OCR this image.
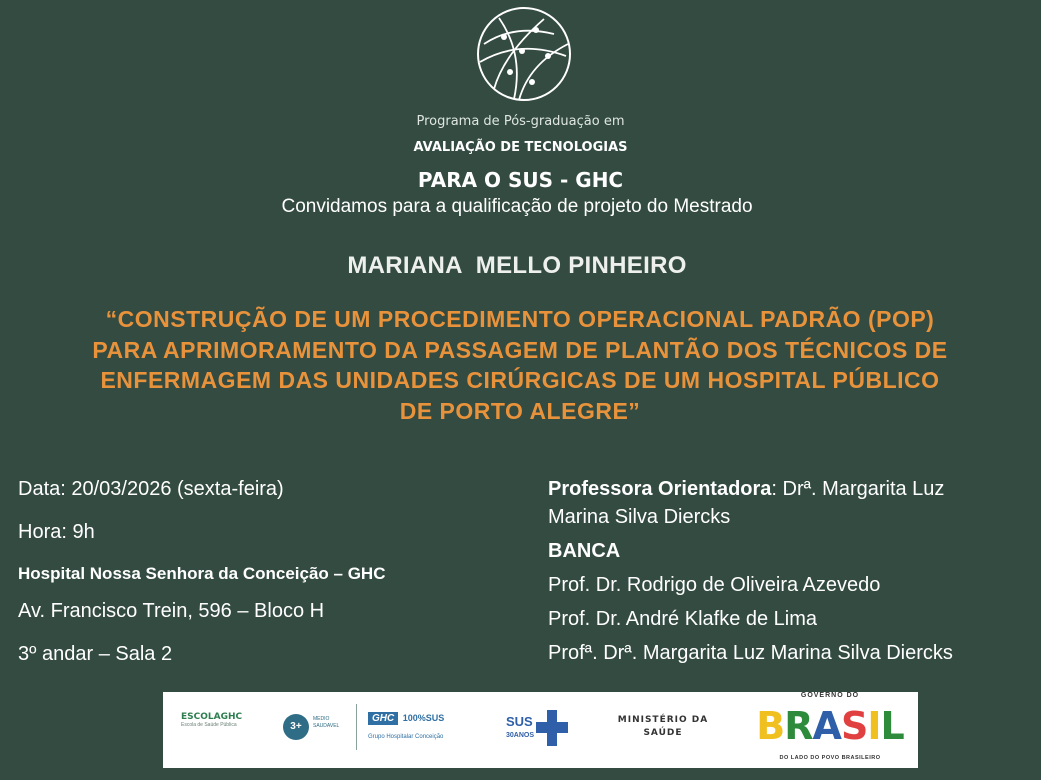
Programa de Pós-graduação em
AVALIAÇÃO DE TECNOLOGIAS
PARA O SUS - GHC
Convidamos para a qualificação de projeto do Mestrado
MARIANA  MELLO PINHEIRO
“CONSTRUÇÃO DE UM PROCEDIMENTO OPERACIONAL PADRÃO (POP)
PARA APRIMORAMENTO DA PASSAGEM DE PLANTÃO DOS TÉCNICOS DE
ENFERMAGEM DAS UNIDADES CIRÚRGICAS DE UM HOSPITAL PÚBLICO
DE PORTO ALEGRE”
Data: 20/03/2026 (sexta-feira)
Hora: 9h
Hospital Nossa Senhora da Conceição – GHC
Av. Francisco Trein, 596 – Bloco H
3º andar – Sala 2
Professora Orientadora: Drª. Margarita Luz
Marina Silva Diercks
BANCA
Prof. Dr. Rodrigo de Oliveira Azevedo
Prof. Dr. André Klafke de Lima
Profª. Drª. Margarita Luz Marina Silva Diercks
ESCOLAGHC
Escola de Saúde Pública	3+
MEDIO SAUDAVEL
GHC 100%SUS
Grupo Hospitalar Conceição
SUS
30ANOS
MINISTÉRIO DA
SAÚDE
GOVERNO DO
BRASIL
DO LADO DO POVO BRASILEIRO
